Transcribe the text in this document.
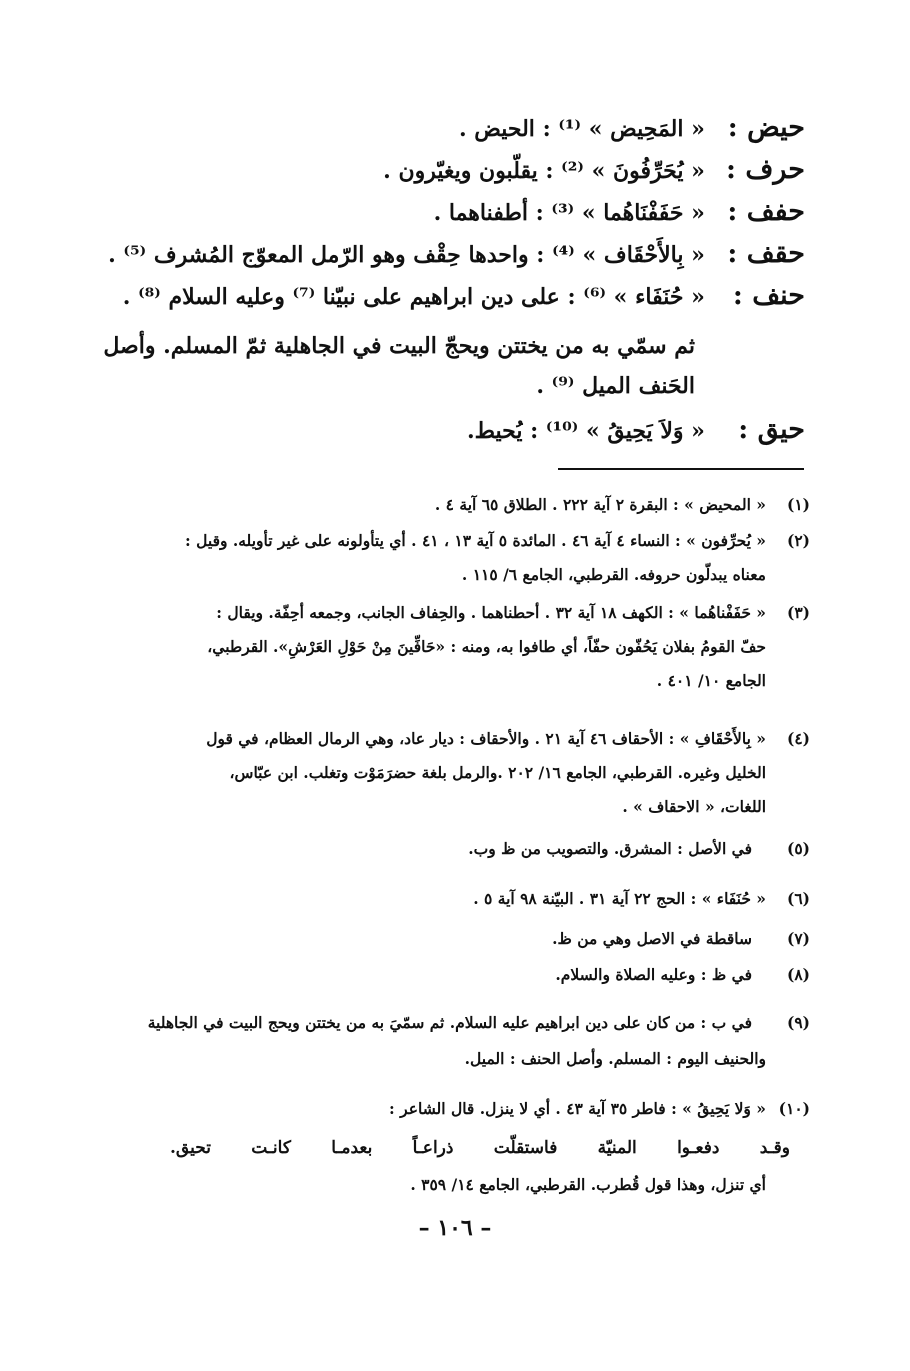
حيض : « المَحِيض » ⁽¹⁾ : الحيض .
حرف : « يُحَرِّفُونَ » ⁽²⁾ : يقلّبون ويغيّرون .
حفف : « حَفَفْنَاهُما » ⁽³⁾ : أطفناهما .
حقف : « بِالأَحْقَاف » ⁽⁴⁾ : واحدها حِقْف وهو الرّمل المعوّج المُشرف ⁽⁵⁾ .
حنف : « حُنَفَاء » ⁽⁶⁾ : على دين ابراهيم على نبيّنا ⁽⁷⁾ وعليه السلام ⁽⁸⁾ .
ثم سمّي به من يختتن ويحجّ البيت في الجاهلية ثمّ المسلم. وأصل
الحَنف الميل ⁽⁹⁾ .
حيق : « وَلاَ يَحِيقُ » ⁽¹⁰⁾ : يُحيط.
(١)
« المحيض » : البقرة ٢ آية ٢٢٢ . الطلاق ٦٥ آية ٤ .
(٢)
« يُحرِّفون » : النساء ٤ آية ٤٦ . المائدة ٥ آية ١٣ ، ٤١ . أي يتأولونه على غير تأويله. وقيل :
معناه يبدلّون حروفه. القرطبي، الجامع ٦/ ١١٥ .
(٣)
« حَفَفْناهُما » : الكهف ١٨ آية ٣٢ . أحطناهما . والحِفاف الجانب، وجمعه أحِفّة. ويقال :
حفّ القومُ بفلان يَحُفّون حفّاً، أي طافوا به، ومنه : «حَافِّينَ مِنْ حَوْلِ العَرْشِ». القرطبي،
الجامع ١٠/ ٤٠١ .
(٤)
« بِالأَحْقَافِ » : الأحقاف ٤٦ آية ٢١ . والأحقاف : ديار عاد، وهي الرمال العظام، في قول
الخليل وغيره. القرطبي، الجامع ١٦/ ٢٠٢ .والرمل بلغة حضرَمَوْت وتغلب. ابن عبّاس،
اللغات، « الاحقاف » .
(٥)
في الأصل : المشرق. والتصويب من ظ وب.
(٦)
« حُنَفَاء » : الحج ٢٢ آية ٣١ . البيّنة ٩٨ آية ٥ .
(٧)
ساقطة في الاصل وهي من ظ.
(٨)
في ظ : وعليه الصلاة والسلام.
(٩)
في ب : من كان على دين ابراهيم عليه السلام. ثم سمّيَ به من يختتن ويحج البيت في الجاهلية
والحنيف اليوم : المسلم. وأصل الحنف : الميل.
(١٠)
« وَلا يَحِيقُ » : فاطر ٣٥ آية ٤٣ . أي لا ينزل. قال الشاعر :
وقـد
دفعـوا
المنيّة
فاستقلّت
ذراعـاً
بعدمـا
كانـت
تحيق.
أي تنزل، وهذا قول قُطرب. القرطبي، الجامع ١٤/ ٣٥٩ .
– ١٠٦ –
